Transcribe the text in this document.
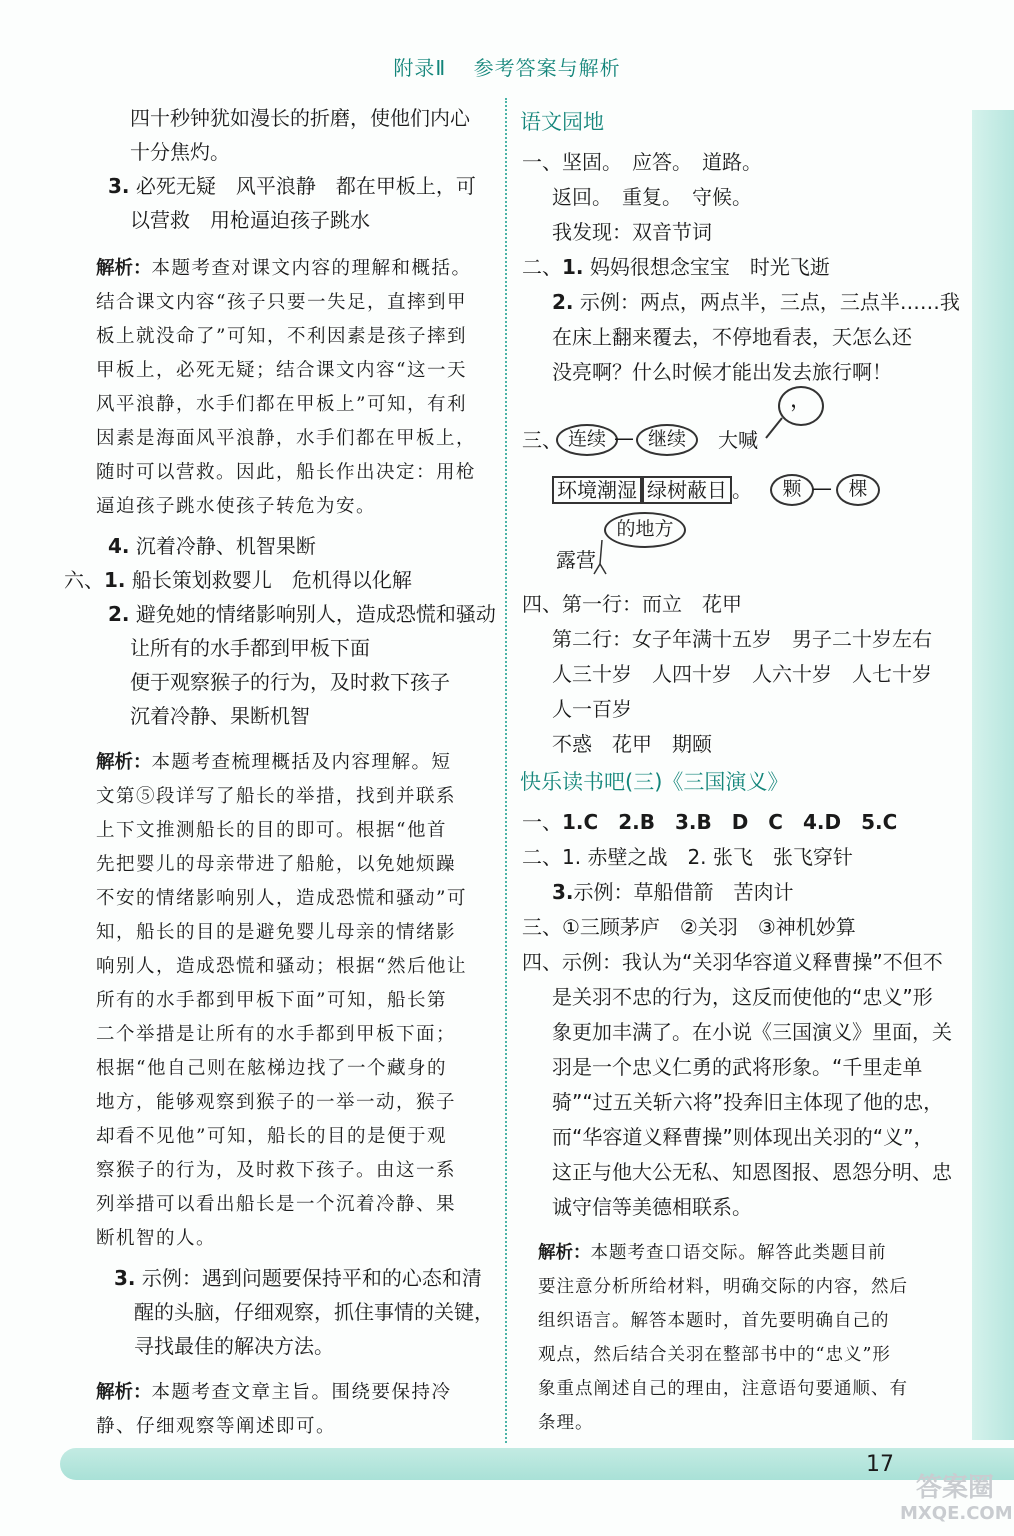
附录Ⅱ 参考答案与解析
四十秒钟犹如漫长的折磨，使他们内心
十分焦灼。
3. 必死无疑　风平浪静　都在甲板上，可
以营救　用枪逼迫孩子跳水
解析：本题考查对课文内容的理解和概括。
结合课文内容“孩子只要一失足，直摔到甲
板上就没命了”可知，不利因素是孩子摔到
甲板上，必死无疑；结合课文内容“这一天
风平浪静，水手们都在甲板上”可知，有利
因素是海面风平浪静，水手们都在甲板上，
随时可以营救。因此，船长作出决定：用枪
逼迫孩子跳水使孩子转危为安。
4. 沉着冷静、机智果断
六、1. 船长策划救婴儿　危机得以化解
2. 避免她的情绪影响别人，造成恐慌和骚动
让所有的水手都到甲板下面
便于观察猴子的行为，及时救下孩子
沉着冷静、果断机智
解析：本题考查梳理概括及内容理解。短
文第⑤段详写了船长的举措，找到并联系
上下文推测船长的目的即可。根据“他首
先把婴儿的母亲带进了船舱，以免她烦躁
不安的情绪影响别人，造成恐慌和骚动”可
知，船长的目的是避免婴儿母亲的情绪影
响别人，造成恐慌和骚动；根据“然后他让
所有的水手都到甲板下面”可知，船长第
二个举措是让所有的水手都到甲板下面；
根据“他自己则在舷梯边找了一个藏身的
地方，能够观察到猴子的一举一动，猴子
却看不见他”可知，船长的目的是便于观
察猴子的行为，及时救下孩子。由这一系
列举措可以看出船长是一个沉着冷静、果
断机智的人。
3. 示例：遇到问题要保持平和的心态和清
醒的头脑，仔细观察，抓住事情的关键，
寻找最佳的解决方法。
解析：本题考查文章主旨。围绕要保持冷
静、仔细观察等阐述即可。
语文园地
一、坚固。　应答。　道路。
返回。　重复。　守候。
我发现：双音节词
二、1. 妈妈很想念宝宝　时光飞逝
2. 示例：两点，两点半，三点，三点半……我
在床上翻来覆去，不停地看表，天怎么还
没亮啊？什么时候才能出发去旅行啊！
三、 连续 — 继续	大喊
，
环境潮湿 绿树蔽日 。	颗 — 棵
的地方
露营
四、第一行：而立　花甲
第二行：女子年满十五岁　男子二十岁左右
人三十岁　人四十岁　人六十岁　人七十岁
人一百岁
不惑　花甲　期颐
快乐读书吧(三)《三国演义》
一、1.C　2.B　3.B　D　C　4.D　5.C
二、1. 赤壁之战　2. 张飞　张飞穿针
3.示例：草船借箭　苦肉计
三、①三顾茅庐　②关羽　③神机妙算
四、示例：我认为“关羽华容道义释曹操”不但不
是关羽不忠的行为，这反而使他的“忠义”形
象更加丰满了。在小说《三国演义》里面，关
羽是一个忠义仁勇的武将形象。“千里走单
骑”“过五关斩六将”投奔旧主体现了他的忠，
而“华容道义释曹操”则体现出关羽的“义”，
这正与他大公无私、知恩图报、恩怨分明、忠
诚守信等美德相联系。
解析：本题考查口语交际。解答此类题目前
要注意分析所给材料，明确交际的内容，然后
组织语言。解答本题时，首先要明确自己的
观点，然后结合关羽在整部书中的“忠义”形
象重点阐述自己的理由，注意语句要通顺、有
条理。
17
答案圈
MXQE.COM
